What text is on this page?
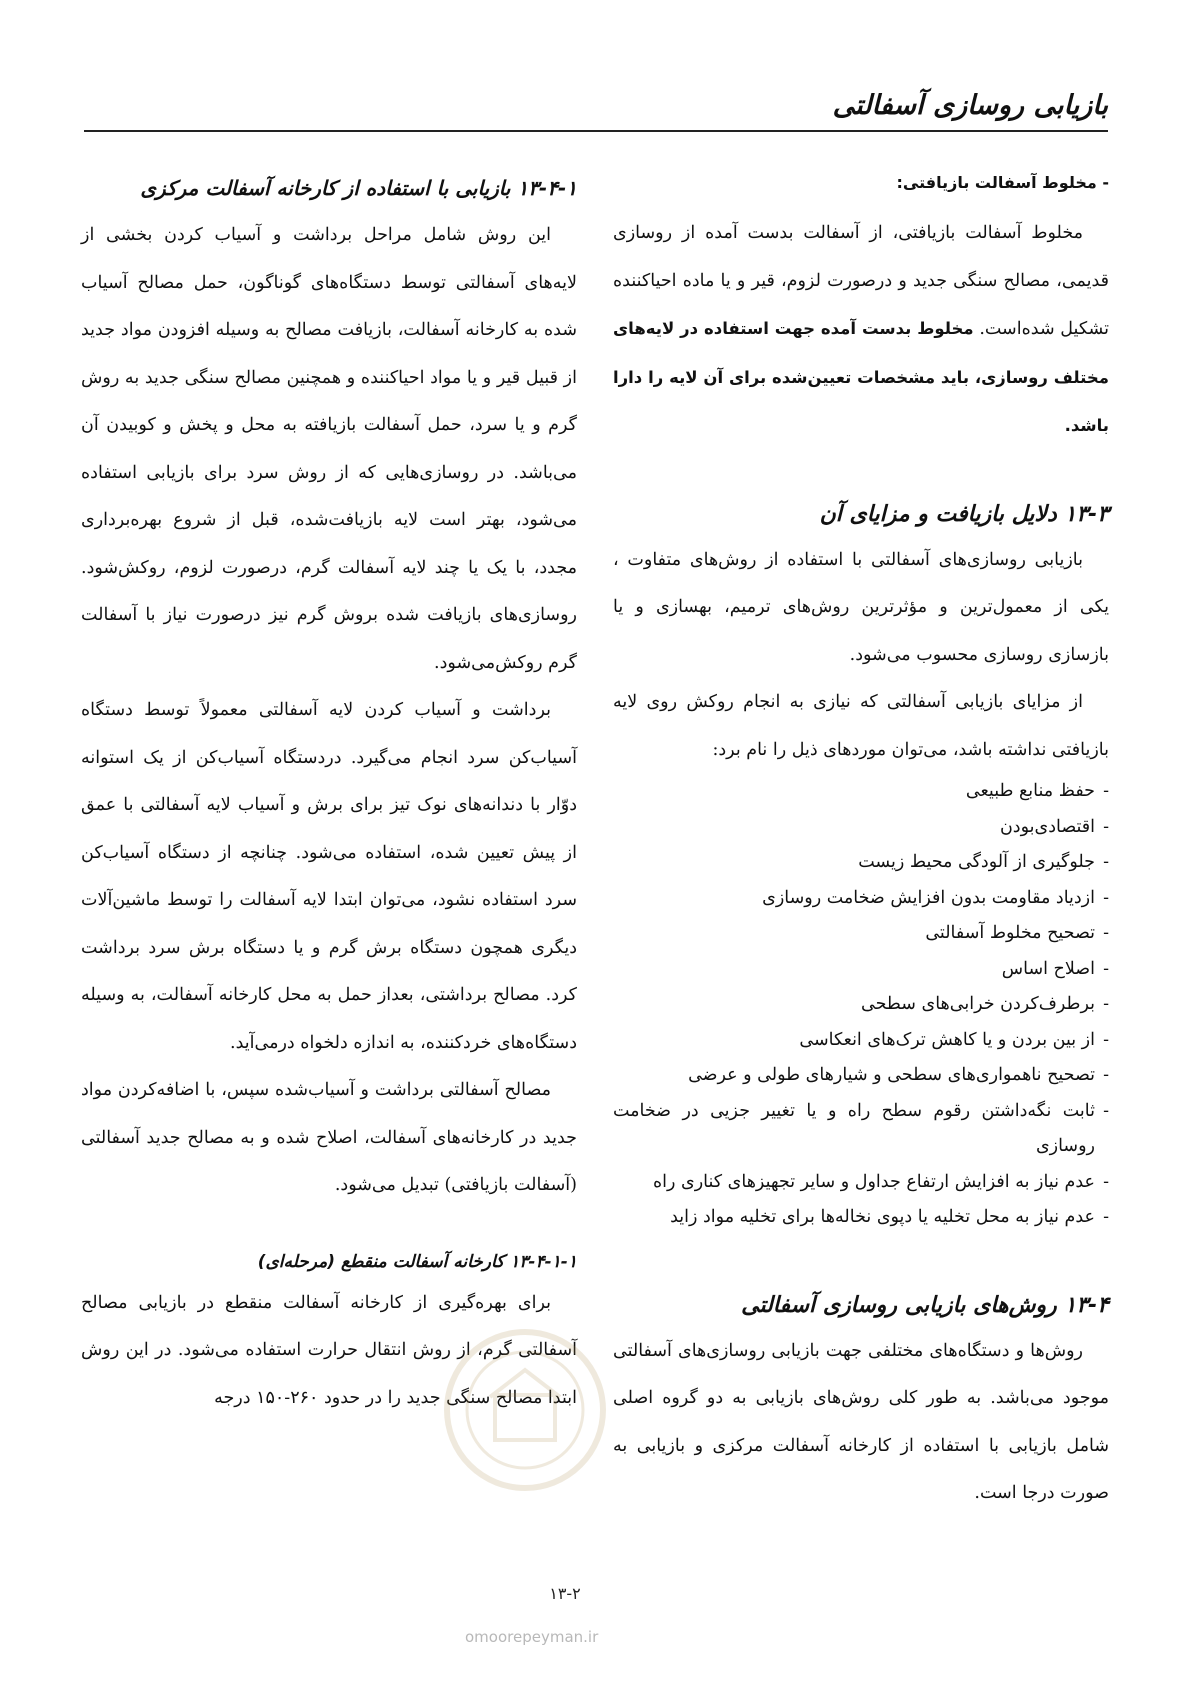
بازیابی روسازی آسفالتی
- مخلوط آسفالت بازیافتی:

مخلوط آسفالت بازیافتی، از آسفالت بدست آمده از روسازی قدیمی، مصالح سنگی جدید و درصورت لزوم، قیر و یا ماده احیاکننده تشکیل شده‌است. مخلوط بدست آمده جهت استفاده در لایه‌های مختلف روسازی، باید مشخصات تعیین‌شده برای آن لایه را دارا باشد.

۱۳-۳ دلایل بازیافت و مزایای آن

بازیابی روسازی‌های آسفالتی با استفاده از روش‌های متفاوت ، یکی از معمول‌ترین و مؤثرترین روش‌های ترمیم، بهسازی و یا بازسازی روسازی محسوب می‌شود.

از مزایای بازیابی آسفالتی که نیازی به انجام روکش روی لایه بازیافتی نداشته باشد، می‌توان موردهای ذیل را نام برد:

- حفظ منابع طبیعی
- اقتصادی‌بودن
- جلوگیری از آلودگی محیط زیست
- ازدیاد مقاومت بدون افزایش ضخامت روسازی
- تصحیح مخلوط آسفالتی
- اصلاح اساس
- برطرف‌کردن خرابی‌های سطحی
- از بین بردن و یا کاهش ترک‌های انعکاسی
- تصحیح ناهمواری‌های سطحی و شیارهای طولی و عرضی
- ثابت نگه‌داشتن رقوم سطح راه و یا تغییر جزیی در ضخامت روسازی
- عدم نیاز به افزایش ارتفاع جداول و سایر تجهیزهای کناری راه
- عدم نیاز به محل تخلیه یا دپوی نخاله‌ها برای تخلیه مواد زاید
۱۳-۴ روش‌های بازیابی روسازی آسفالتی

روش‌ها و دستگاه‌های مختلفی جهت بازیابی روسازی‌های آسفالتی موجود می‌باشد. به طور کلی روش‌های بازیابی به دو گروه اصلی شامل بازیابی با استفاده از کارخانه آسفالت مرکزی و بازیابی به صورت درجا است.

۱۳-۴-۱ بازیابی با استفاده از کارخانه آسفالت مرکزی

این روش شامل مراحل برداشت و آسیاب کردن بخشی از لایه‌های آسفالتی توسط دستگاه‌های گوناگون، حمل مصالح آسیاب شده به کارخانه آسفالت، بازیافت مصالح به وسیله افزودن مواد جدید از قبیل قیر و یا مواد احیاکننده و همچنین مصالح سنگی جدید به روش گرم و یا سرد، حمل آسفالت بازیافته به محل و پخش و کوبیدن آن می‌باشد. در روسازی‌هایی که از روش سرد برای بازیابی استفاده می‌شود، بهتر است لایه بازیافت‌شده، قبل از شروع بهره‌برداری مجدد، با یک یا چند لایه آسفالت گرم، درصورت لزوم، روکش‌شود. روسازی‌های بازیافت شده بروش گرم نیز درصورت نیاز با آسفالت گرم روکش‌می‌شود.

برداشت و آسیاب کردن لایه آسفالتی معمولاً توسط دستگاه آسیاب‌کن سرد انجام می‌گیرد. دردستگاه آسیاب‌کن از یک استوانه دوّار با دندانه‌های نوک تیز برای برش و آسیاب لایه آسفالتی با عمق از پیش تعیین شده، استفاده می‌شود. چنانچه از دستگاه آسیاب‌کن سرد استفاده نشود، می‌توان ابتدا لایه آسفالت را توسط ماشین‌آلات دیگری همچون دستگاه برش گرم و یا دستگاه برش سرد برداشت کرد. مصالح برداشتی، بعداز حمل به محل کارخانه آسفالت، به وسیله دستگاه‌های خردکننده، به اندازه دلخواه درمی‌آید.

مصالح آسفالتی برداشت و آسیاب‌شده سپس، با اضافه‌کردن مواد جدید در کارخانه‌های آسفالت، اصلاح شده و به مصالح جدید آسفالتی (آسفالت بازیافتی) تبدیل می‌شود.

۱۳-۴-۱-۱ کارخانه آسفالت منقطع (مرحله‌ای)

برای بهره‌گیری از کارخانه آسفالت منقطع در بازیابی مصالح آسفالتی گرم، از روش انتقال حرارت استفاده می‌شود. در این روش ابتدا مصالح سنگی جدید را در حدود ۲۶۰-۱۵۰ درجه

۱۳-۲
omoorepeyman.ir
